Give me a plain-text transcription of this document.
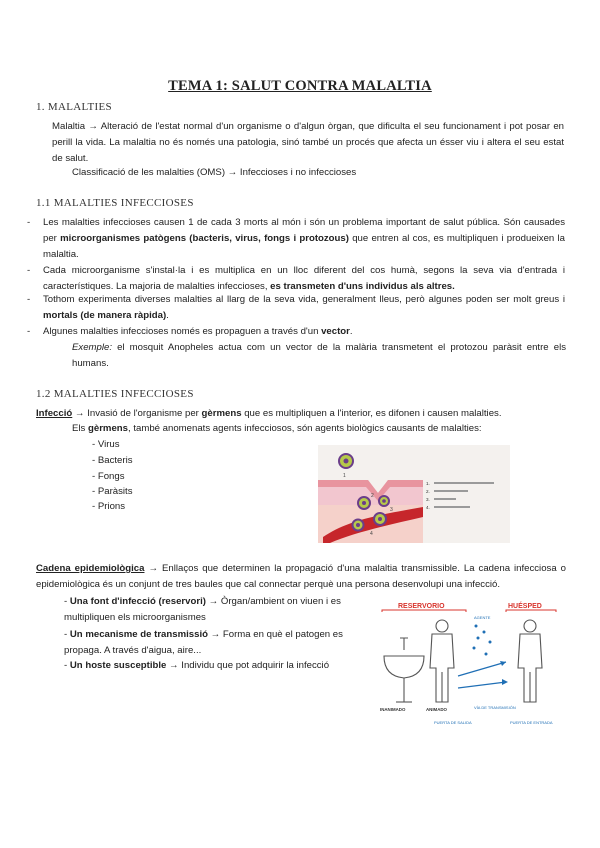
TEMA 1: SALUT CONTRA MALALTIA
1. MALALTIES
Malaltia → Alteració de l'estat normal d'un organisme o d'algun òrgan, que dificulta el seu funcionament i pot posar en perill la vida. La malaltia no és només una patologia, sinó també un procés que afecta un ésser viu i altera el seu estat de salut.
Classificació de les malalties (OMS) → Infeccioses i no infeccioses
1.1 MALALTIES INFECCIOSES
- Les malalties infeccioses causen 1 de cada 3 morts al món i són un problema important de salut pública. Són causades per microorganismes patògens (bacteris, virus, fongs i protozous) que entren al cos, es multipliquen i produeixen la malaltia.
- Cada microorganisme s'instal·la i es multiplica en un lloc diferent del cos humà, segons la seva via d'entrada i característiques. La majoria de malalties infeccioses, es transmeten d'uns individus als altres.
- Tothom experimenta diverses malalties al llarg de la seva vida, generalment lleus, però algunes poden ser molt greus i mortals (de manera ràpida).
- Algunes malalties infeccioses només es propaguen a través d'un vector.
Exemple: el mosquit Anopheles actua com un vector de la malària transmetent el protozou paràsit entre els humans.
1.2 MALALTIES INFECCIOSES
Infecció → Invasió de l'organisme per gèrmens que es multipliquen a l'interior, es difonen i causen malalties.
Els gèrmens, també anomenats agents infecciosos, són agents biològics causants de malalties:
- Virus
- Bacteris
- Fongs
- Paràsits
- Prions
1
2
3
4
1.
2.
3.
4.
Cadena epidemiològica → Enllaços que determinen la propagació d'una malaltia transmissible. La cadena infecciosa o epidemiològica és un conjunt de tres baules que cal connectar perquè una persona desenvolupi una infecció.
- Una font d'infecció (reservori) → Òrgan/ambient on viuen i es multipliquen els microorganismes
- Un mecanisme de transmissió → Forma en què el patogen es propaga. A través d'aigua, aire...
- Un hoste susceptible → Individu que pot adquirir la infecció
RESERVORIO	HUÉSPED
AGENTE
INANIMADO	ANIMADO	VÍA DE TRANSMISIÓN
PUERTA DE SALIDA	PUERTA DE ENTRADA
